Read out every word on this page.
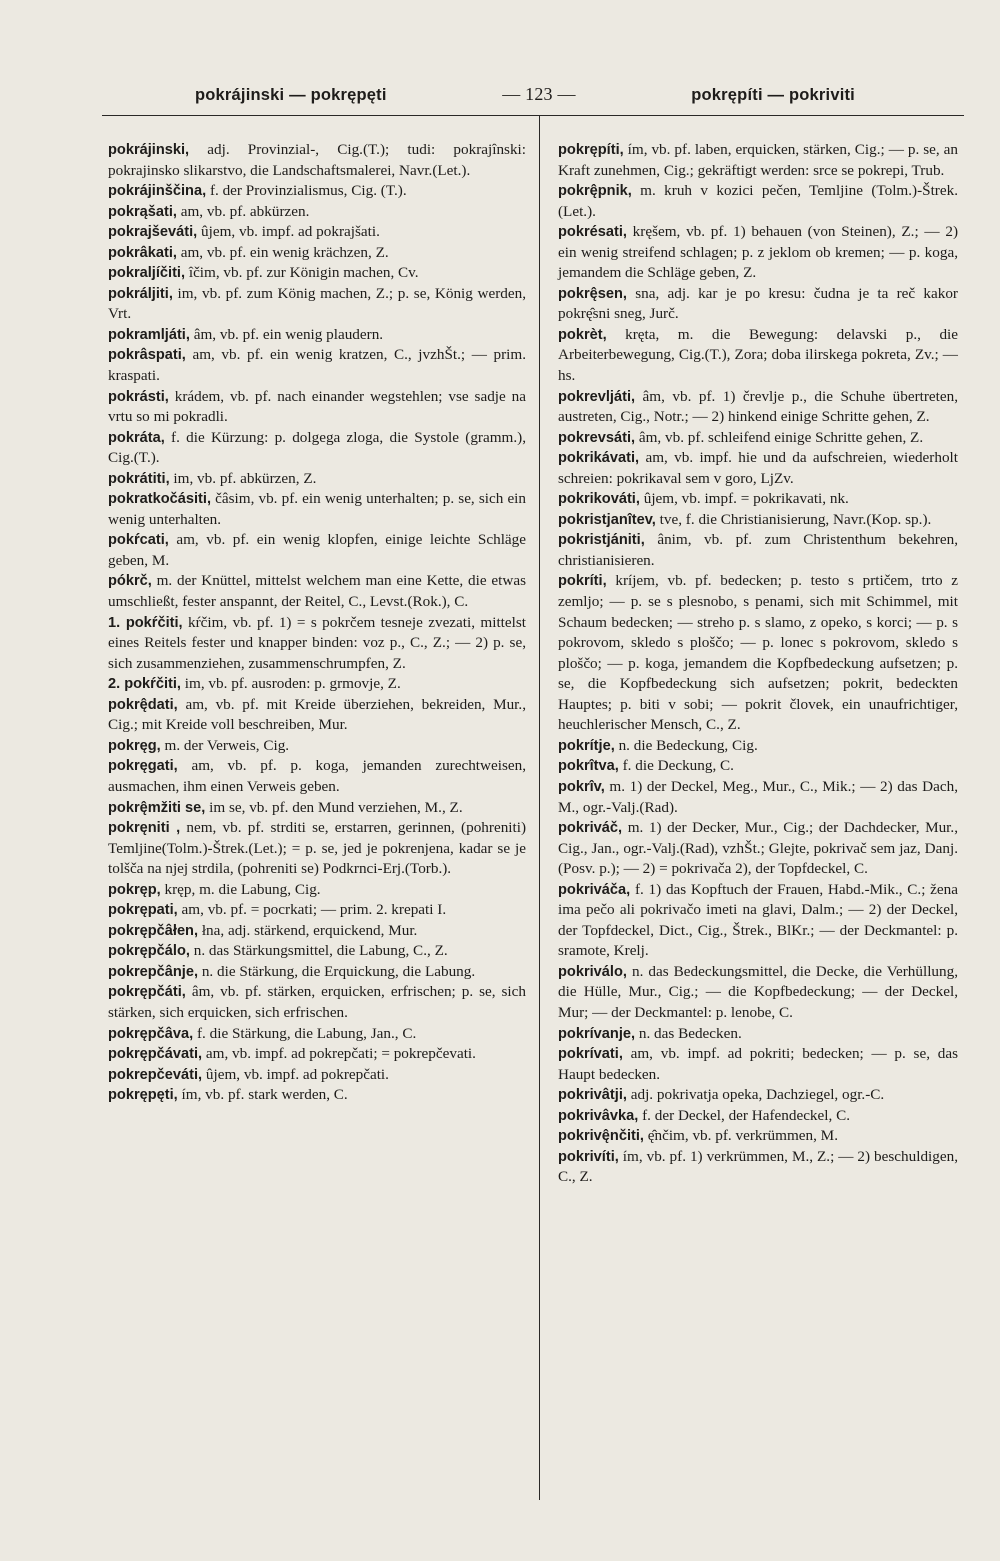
pokrájinski — pokrępęti	— 123 —	pokrępíti — pokriviti

pokrájinski, adj. Provinzial-, Cig.(T.); tudi: pokrajînski: pokrajinsko slikarstvo, die Landschaftsmalerei, Navr.(Let.).

pokrájinščina, f. der Provinzialismus, Cig. (T.).

pokrąšati, am, vb. pf. abkürzen.

pokrajševáti, ûjem, vb. impf. ad pokrajšati.

pokrâkati, am, vb. pf. ein wenig krächzen, Z.

pokraljíčiti, îčim, vb. pf. zur Königin machen, Cv.

pokráljiti, im, vb. pf. zum König machen, Z.; p. se, König werden, Vrt.

pokramljáti, âm, vb. pf. ein wenig plaudern.

pokrâspati, am, vb. pf. ein wenig kratzen, C., jvzhŠt.; — prim. kraspati.

pokrásti, krádem, vb. pf. nach einander wegstehlen; vse sadje na vrtu so mi pokradli.

pokráta, f. die Kürzung: p. dolgega zloga, die Systole (gramm.), Cig.(T.).

pokrátiti, im, vb. pf. abkürzen, Z.

pokratkočásiti, čâsim, vb. pf. ein wenig unterhalten; p. se, sich ein wenig unterhalten.

pokŕcati, am, vb. pf. ein wenig klopfen, einige leichte Schläge geben, M.

pókrč, m. der Knüttel, mittelst welchem man eine Kette, die etwas umschließt, fester anspannt, der Reitel, C., Levst.(Rok.), C.

1. pokŕčiti, kŕčim, vb. pf. 1) = s pokrčem tesneje zvezati, mittelst eines Reitels fester und knapper binden: voz p., C., Z.; — 2) p. se, sich zusammenziehen, zusammenschrumpfen, Z.

2. pokŕčiti, im, vb. pf. ausroden: p. grmovje, Z.

pokrę̂dati, am, vb. pf. mit Kreide überziehen, bekreiden, Mur., Cig.; mit Kreide voll beschreiben, Mur.

pokręg, m. der Verweis, Cig.

pokręgati, am, vb. pf. p. koga, jemanden zurechtweisen, ausmachen, ihm einen Verweis geben.

pokrę̂mžiti se, im se, vb. pf. den Mund verziehen, M., Z.

pokręniti , nem, vb. pf. strditi se, erstarren, gerinnen, (pohreniti) Temljine(Tolm.)-Štrek.(Let.); = p. se, jed je pokrenjena, kadar se je tolšča na njej strdila, (pohreniti se) Podkrnci-Erj.(Torb.).

pokręp, kręp, m. die Labung, Cig.

pokrępati, am, vb. pf. = pocrkati; — prim. 2. krepati I.

pokrępčâłen, łna, adj. stärkend, erquickend, Mur.

pokrępčálo, n. das Stärkungsmittel, die Labung, C., Z.

pokrepčânje, n. die Stärkung, die Erquickung, die Labung.

pokrępčáti, âm, vb. pf. stärken, erquicken, erfrischen; p. se, sich stärken, sich erquicken, sich erfrischen.

pokrępčâva, f. die Stärkung, die Labung, Jan., C.

pokrępčávati, am, vb. impf. ad pokrepčati; = pokrepčevati.

pokrepčeváti, ûjem, vb. impf. ad pokrepčati.

pokrępęti, ím, vb. pf. stark werden, C.

pokrępíti, ím, vb. pf. laben, erquicken, stärken, Cig.; — p. se, an Kraft zunehmen, Cig.; gekräftigt werden: srce se pokrepi, Trub.

pokrę̂pnik, m. kruh v kozici pečen, Temljine (Tolm.)-Štrek.(Let.).

pokrésati, kręšem, vb. pf. 1) behauen (von Steinen), Z.; — 2) ein wenig streifend schlagen; p. z jeklom ob kremen; — p. koga, jemandem die Schläge geben, Z.

pokrę̂sen, sna, adj. kar je po kresu: čudna je ta reč kakor pokrę̂sni sneg, Jurč.

pokrèt, kręta, m. die Bewegung: delavski p., die Arbeiterbewegung, Cig.(T.), Zora; doba ilirskega pokreta, Zv.; — hs.

pokrevljáti, âm, vb. pf. 1) črevlje p., die Schuhe übertreten, austreten, Cig., Notr.; — 2) hinkend einige Schritte gehen, Z.

pokrevsáti, âm, vb. pf. schleifend einige Schritte gehen, Z.

pokrikávati, am, vb. impf. hie und da aufschreien, wiederholt schreien: pokrikaval sem v goro, LjZv.

pokrikováti, ûjem, vb. impf. = pokrikavati, nk.

pokristjanîtev, tve, f. die Christianisierung, Navr.(Kop. sp.).

pokristjániti, ânim, vb. pf. zum Christenthum bekehren, christianisieren.

pokríti, kríjem, vb. pf. bedecken; p. testo s prtičem, trto z zemljo; — p. se s plesnobo, s penami, sich mit Schimmel, mit Schaum bedecken; — streho p. s slamo, z opeko, s korci; — p. s pokrovom, skledo s ploščo; — p. lonec s pokrovom, skledo s ploščo; — p. koga, jemandem die Kopfbedeckung aufsetzen; p. se, die Kopfbedeckung sich aufsetzen; pokrit, bedeckten Hauptes; p. biti v sobi; — pokrit človek, ein unaufrichtiger, heuchlerischer Mensch, C., Z.

pokrítje, n. die Bedeckung, Cig.

pokrîtva, f. die Deckung, C.

pokrîv, m. 1) der Deckel, Meg., Mur., C., Mik.; — 2) das Dach, M., ogr.-Valj.(Rad).

pokriváč, m. 1) der Decker, Mur., Cig.; der Dachdecker, Mur., Cig., Jan., ogr.-Valj.(Rad), vzhŠt.; Glejte, pokrivač sem jaz, Danj.(Posv. p.); — 2) = pokrivača 2), der Topfdeckel, C.

pokriváča, f. 1) das Kopftuch der Frauen, Habd.-Mik., C.; žena ima pečo ali pokrivačo imeti na glavi, Dalm.; — 2) der Deckel, der Topfdeckel, Dict., Cig., Štrek., BlKr.; — der Deckmantel: p. sramote, Krelj.

pokriválo, n. das Bedeckungsmittel, die Decke, die Verhüllung, die Hülle, Mur., Cig.; — die Kopfbedeckung; — der Deckel, Mur; — der Deckmantel: p. lenobe, C.

pokrívanje, n. das Bedecken.

pokrívati, am, vb. impf. ad pokriti; bedecken; — p. se, das Haupt bedecken.

pokrivâtji, adj. pokrivatja opeka, Dachziegel, ogr.-C.

pokrivâvka, f. der Deckel, der Hafendeckel, C.

pokrivę̂nčiti, ę̂nčim, vb. pf. verkrümmen, M.

pokrivíti, ím, vb. pf. 1) verkrümmen, M., Z.; — 2) beschuldigen, C., Z.
